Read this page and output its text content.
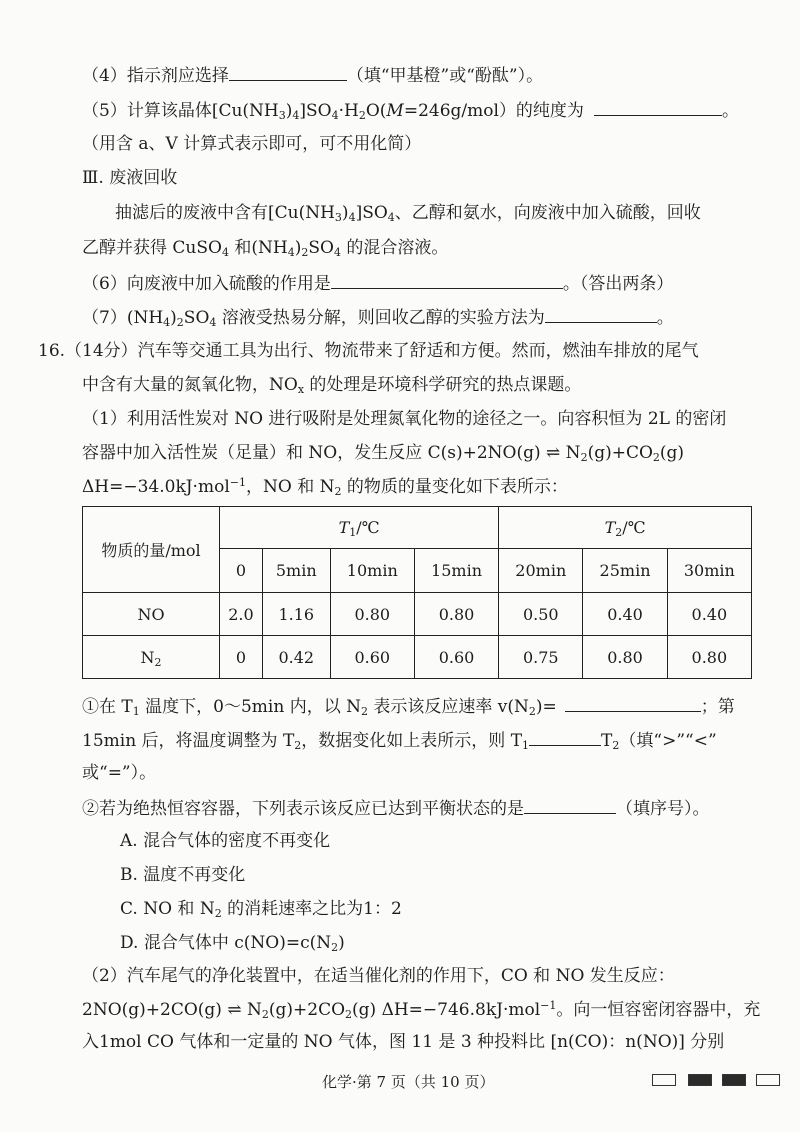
（4）指示剂应选择	（填“甲基橙”或“酚酞”）。
（5）计算该晶体$[Cu(NH_3)_4]SO_4\cdot H_2O(M=246g/mol)$的纯度为	。
（用含 a、V 计算式表示即可，可不用化简）
Ⅲ. 废液回收
抽滤后的废液中含有$[Cu(NH_3)_4]SO_4$、乙醇和氨水，向废液中加入硫酸，回收
乙醇并获得 CuSO$_4$ 和$(NH_4)_2SO_4$ 的混合溶液。
（6）向废液中加入硫酸的作用是	。（答出两条）
$(7)(NH_4)_2SO_4$ 溶液受热易分解，则回收乙醇的实验方法为	。
16.（14分）汽车等交通工具为出行、物流带来了舒适和方便。然而，燃油车排放的尾气
中含有大量的氮氧化物，$NO_x$ 的处理是环境科学研究的热点课题。
（1）利用活性炭对 NO 进行吸附是处理氮氧化物的途径之一。向容积恒为 2L 的密闭
容器中加入活性炭（足量）和 NO，发生反应 C(s)+2NO(g) ⇌ $N_2(g)+CO_2(g)$
ΔH=−34.0kJ·mol$^{-1}$，NO 和 $N_2$ 的物质的量变化如下表所示：
物质的量/mol	$T_1/℃$				$T_2/℃$		
	0	5min	10min	15min	20min	25min	30min
NO	2.0	1.16	0.80	0.80	0.50	0.40	0.40
$N_2$	0	0.42	0.60	0.60	0.75	0.80	0.80
①在 $T_1$ 温度下，0～5min 内，以 $N_2$ 表示该反应速率 $v(N_2)=$	；第
15min 后，将温度调整为 $T_2$，数据变化如上表所示，则 $T_1$	$T_2$（填“>”“<”
或“=”）。
②若为绝热恒容容器，下列表示该反应已达到平衡状态的是	（填序号）。
A. 混合气体的密度不再变化
B. 温度不再变化
C. NO 和 $N_2$ 的消耗速率之比为1：2
D. 混合气体中 $c(NO)=c(N_2)$
（2）汽车尾气的净化装置中，在适当催化剂的作用下，CO 和 NO 发生反应：
2NO(g)+2CO(g) ⇌ $N_2(g)+2CO_2(g)$ ΔH=−746.8kJ·mol$^{-1}$。向一恒容密闭容器中，充
入1mol CO 气体和一定量的 NO 气体，图 11 是 3 种投料比 [n(CO)：n(NO)] 分别
化学·第 7 页（共 10 页）
